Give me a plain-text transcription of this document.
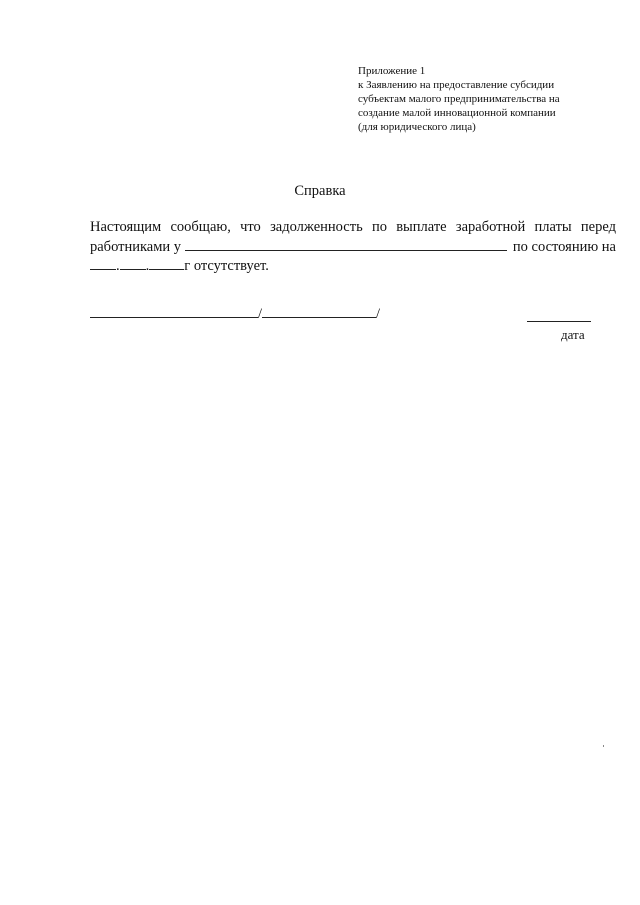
Приложение 1
к Заявлению на предоставление субсидии
субъектам малого предпринимательства на
создание малой инновационной компании
(для юридического лица)
Справка
Настоящим сообщаю, что задолженность по выплате заработной платы перед
работниками у	по состоянию на
. . г отсутствует.
/	/
дата
